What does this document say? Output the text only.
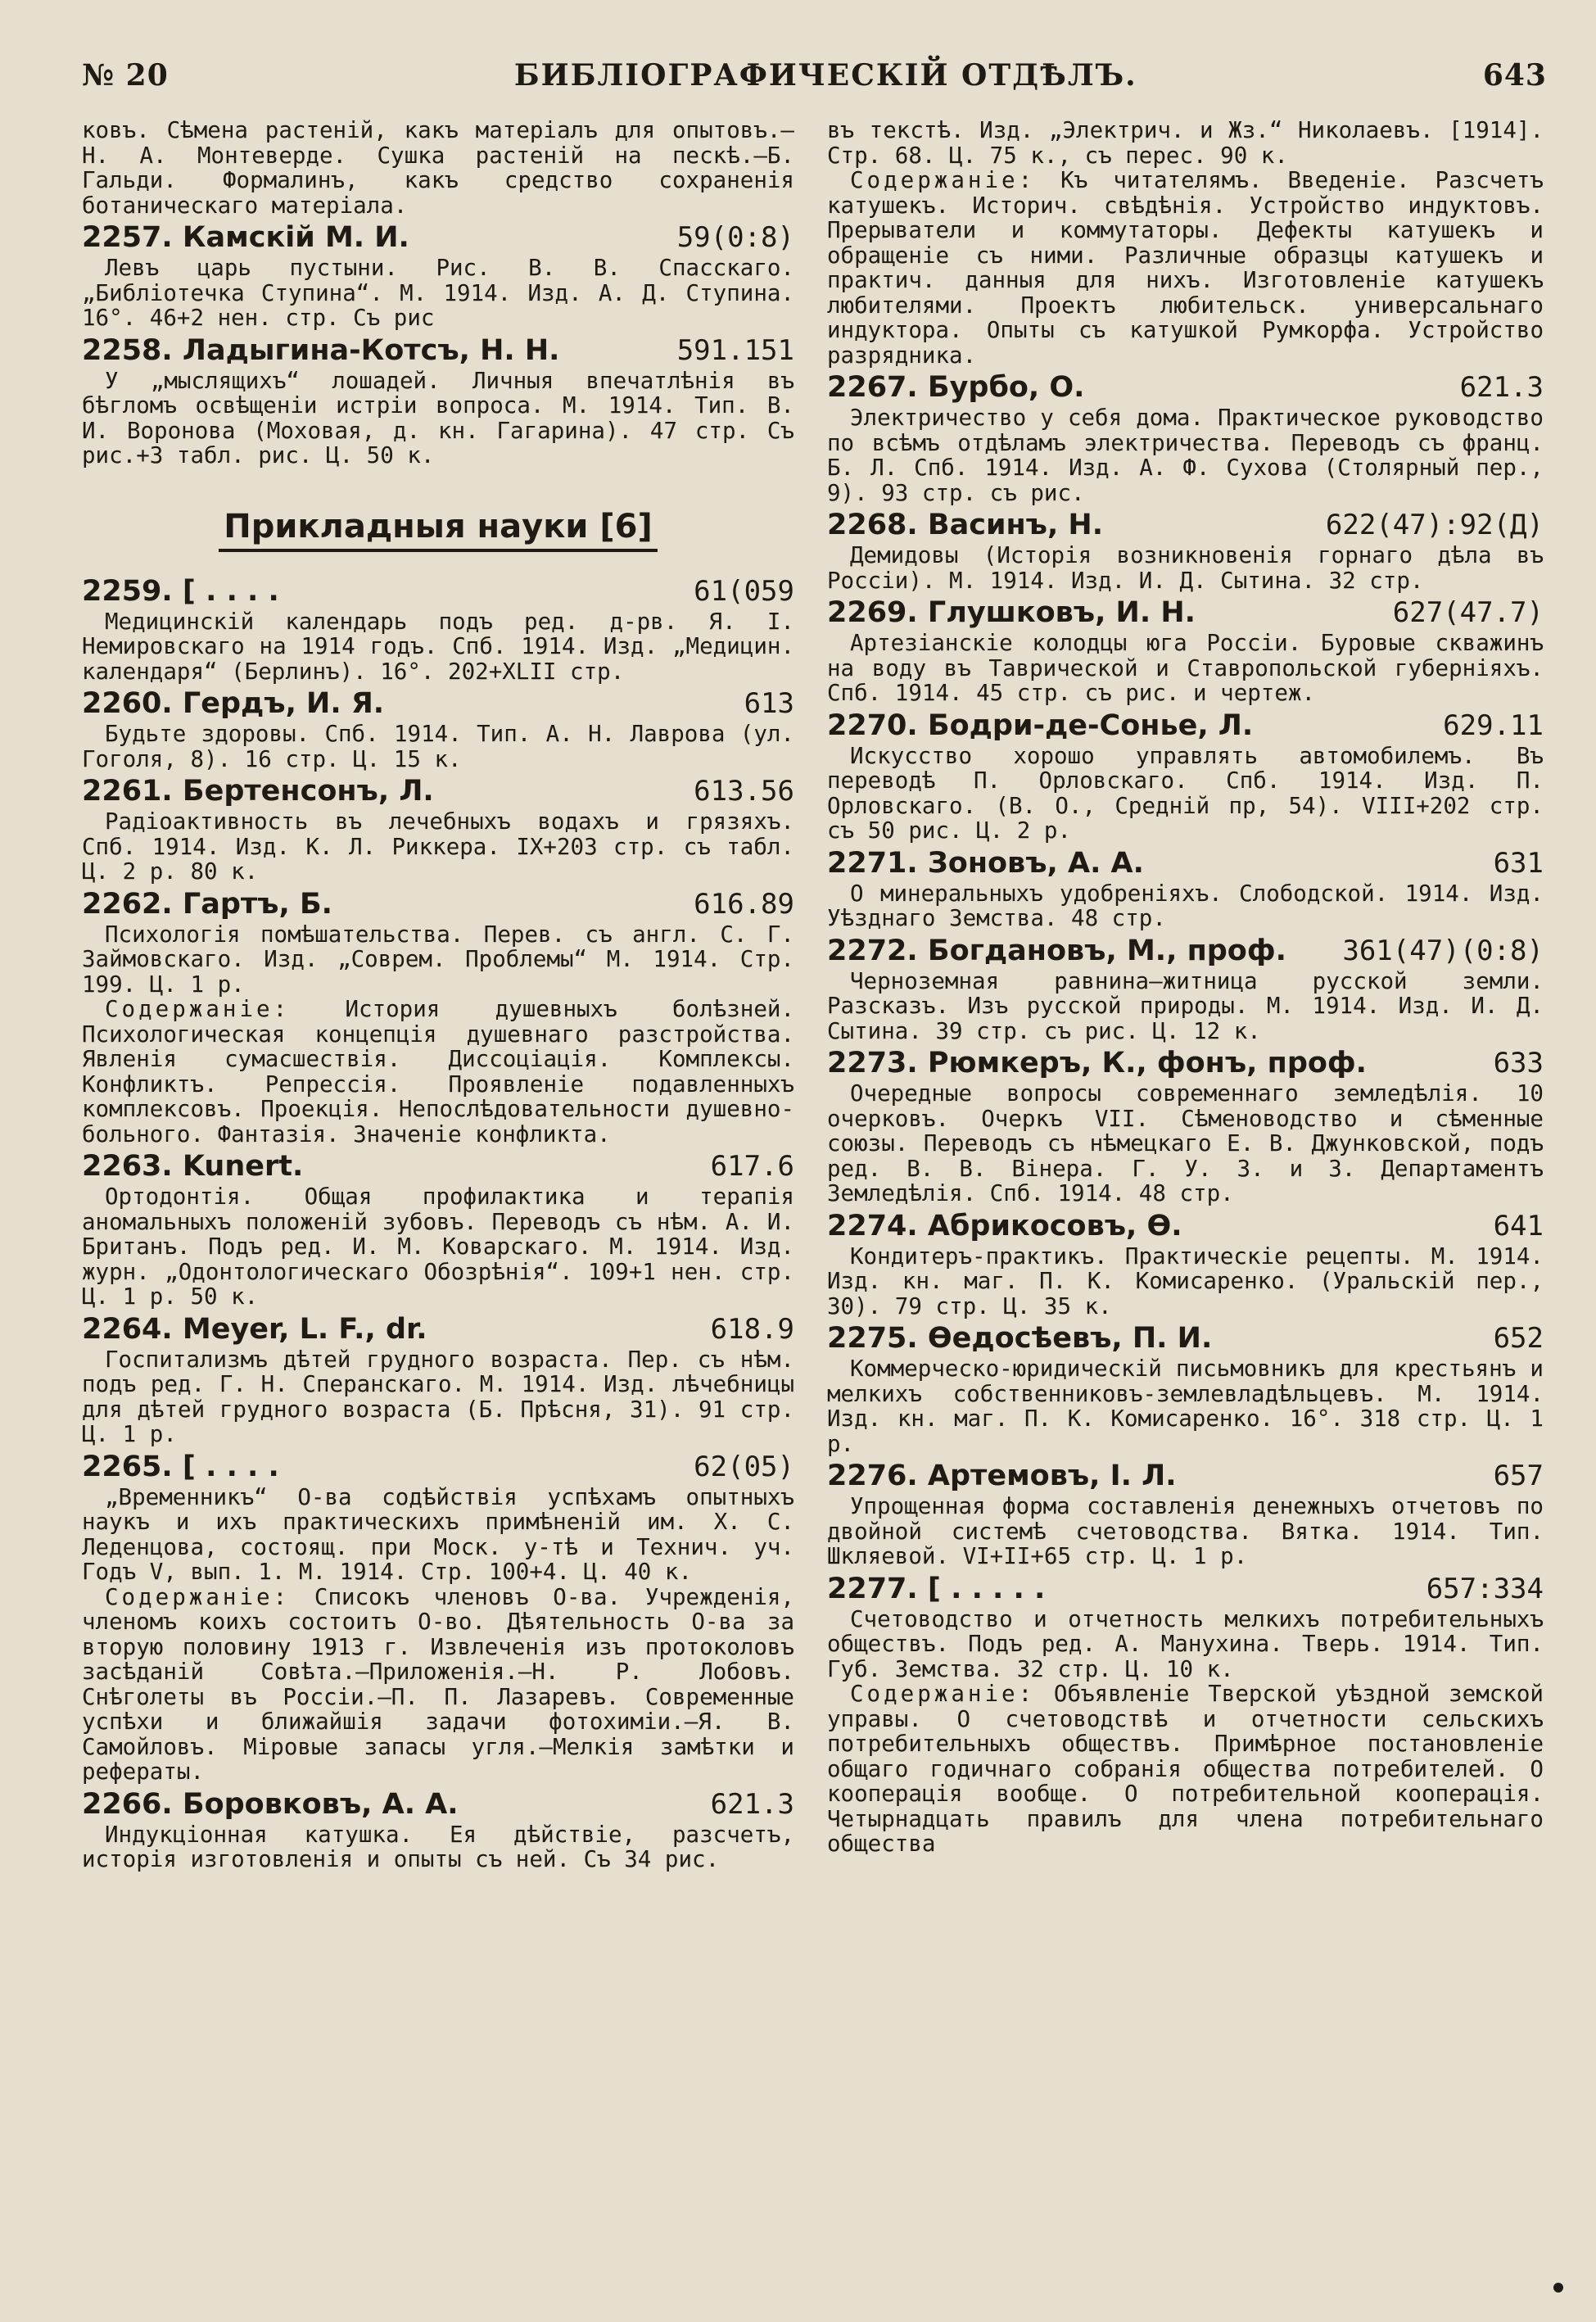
№ 20	БИБЛІОГРАФИЧЕСКІЙ ОТДѢЛЪ.	643

ковъ. Сѣмена растеній, какъ матеріалъ для опытовъ.—Н. А. Монтеверде. Сушка растеній на пескѣ.—Б. Гальди. Формалинъ, какъ средство сохраненія ботаническаго матеріала.

2257. Камскій М. И.	59(0:8)

Левъ царь пустыни. Рис. В. В. Спасскаго. „Библіотечка Ступина“. М. 1914. Изд. А. Д. Ступина. 16°. 46+2 нен. стр. Съ рис

2258. Ладыгина-Котсъ, Н. Н.	591.151

У „мыслящихъ“ лошадей. Личныя впечатлѣнія въ бѣгломъ освѣщеніи истріи вопроса. М. 1914. Тип. В. И. Воронова (Моховая, д. кн. Гагарина). 47 стр. Съ рис.+3 табл. рис. Ц. 50 к.

Прикладныя науки [6]
2259. [ . . . .	61(059

Медицинскій календарь подъ ред. д-рв. Я. І. Немировскаго на 1914 годъ. Спб. 1914. Изд. „Медицин. календаря“ (Берлинъ). 16°. 202+XLII стр.

2260. Гердъ, И. Я.	613

Будьте здоровы. Спб. 1914. Тип. А. Н. Лаврова (ул. Гоголя, 8). 16 стр. Ц. 15 к.

2261. Бертенсонъ, Л.	613.56

Радіоактивность въ лечебныхъ водахъ и грязяхъ. Спб. 1914. Изд. К. Л. Риккера. IX+203 стр. съ табл. Ц. 2 р. 80 к.

2262. Гартъ, Б.	616.89

Психологія помѣшательства. Перев. съ англ. С. Г. Займовскаго. Изд. „Соврем. Проблемы“ М. 1914. Стр. 199. Ц. 1 р.

Содержаніе: История душевныхъ болѣзней. Психологическая концепція душевнаго разстройства. Явленія сумасшествія. Диссоціація. Комплексы. Конфликтъ. Репрессія. Проявленіе подавленныхъ комплексовъ. Проекція. Непослѣдовательности душевно-больного. Фантазія. Значеніе конфликта.

2263. Kunert.	617.6

Ортодонтія. Общая профилактика и терапія аномальныхъ положеній зубовъ. Переводъ съ нѣм. А. И. Британъ. Подъ ред. И. М. Коварскаго. М. 1914. Изд. журн. „Одонтологическаго Обозрѣнія“. 109+1 нен. стр. Ц. 1 р. 50 к.

2264. Meyer, L. F., dr.	618.9

Госпитализмъ дѣтей грудного возраста. Пер. съ нѣм. подъ ред. Г. Н. Сперанскаго. М. 1914. Изд. лѣчебницы для дѣтей грудного возраста (Б. Прѣсня, 31). 91 стр. Ц. 1 р.

2265. [ . . . .	62(05)

„Временникъ“ О-ва содѣйствія успѣхамъ опытныхъ наукъ и ихъ практическихъ примѣненій им. Х. С. Леденцова, состоящ. при Моск. у-тѣ и Технич. уч. Годъ V, вып. 1. М. 1914. Стр. 100+4. Ц. 40 к.

Содержаніе: Списокъ членовъ О-ва. Учрежденія, членомъ коихъ состоитъ О-во. Дѣятельность О-ва за вторую половину 1913 г. Извлеченія изъ протоколовъ засѣданій Совѣта.—Приложенія.—Н. Р. Лобовъ. Снѣголеты въ Россіи.—П. П. Лазаревъ. Современные успѣхи и ближайшія задачи фотохиміи.—Я. В. Самойловъ. Міровые запасы угля.—Мелкія замѣтки и рефераты.

2266. Боровковъ, А. А.	621.3

Индукціонная катушка. Ея дѣйствіе, разсчетъ, исторія изготовленія и опыты съ ней. Съ 34 рис.

въ текстѣ. Изд. „Электрич. и Жз.“ Николаевъ. [1914]. Стр. 68. Ц. 75 к., съ перес. 90 к.

Содержаніе: Къ читателямъ. Введеніе. Разсчетъ катушекъ. Историч. свѣдѣнія. Устройство индуктовъ. Прерыватели и коммутаторы. Дефекты катушекъ и обращеніе съ ними. Различные образцы катушекъ и практич. данныя для нихъ. Изготовленіе катушекъ любителями. Проектъ любительск. универсальнаго индуктора. Опыты съ катушкой Румкорфа. Устройство разрядника.

2267. Бурбо, О.	621.3

Электричество у себя дома. Практическое руководство по всѣмъ отдѣламъ электричества. Переводъ съ франц. Б. Л. Спб. 1914. Изд. А. Ф. Сухова (Столярный пер., 9). 93 стр. съ рис.

2268. Васинъ, Н.	622(47):92(Д)

Демидовы (Исторія возникновенія горнаго дѣла въ Россіи). М. 1914. Изд. И. Д. Сытина. 32 стр.

2269. Глушковъ, И. Н.	627(47.7)

Артезіанскіе колодцы юга Россіи. Буровые скважинъ на воду въ Таврической и Ставропольской губерніяхъ. Спб. 1914. 45 стр. съ рис. и чертеж.

2270. Бодри-де-Сонье, Л.	629.11

Искусство хорошо управлять автомобилемъ. Въ переводѣ П. Орловскаго. Спб. 1914. Изд. П. Орловскаго. (В. О., Средній пр, 54). VIII+202 стр. съ 50 рис. Ц. 2 р.

2271. Зоновъ, А. А.	631

О минеральныхъ удобреніяхъ. Слободской. 1914. Изд. Уѣзднаго Земства. 48 стр.

2272. Богдановъ, М., проф. 361(47)(0:8)

Черноземная равнина—житница русской земли. Разсказъ. Изъ русской природы. М. 1914. Изд. И. Д. Сытина. 39 стр. съ рис. Ц. 12 к.

2273. Рюмкеръ, К., фонъ, проф.	633

Очередные вопросы современнаго земледѣлія. 10 очерковъ. Очеркъ VII. Сѣменоводство и сѣменные союзы. Переводъ съ нѣмецкаго Е. В. Джунковской, подъ ред. В. В. Вінера. Г. У. З. и З. Департаментъ Земледѣлія. Спб. 1914. 48 стр.

2274. Абрикосовъ, Ѳ.	641

Кондитеръ-практикъ. Практическіе рецепты. М. 1914. Изд. кн. маг. П. К. Комисаренко. (Уральскій пер., 30). 79 стр. Ц. 35 к.

2275. Ѳедосѣевъ, П. И.	652

Коммерческо-юридическій письмовникъ для крестьянъ и мелкихъ собственниковъ-землевладѣльцевъ. М. 1914. Изд. кн. маг. П. К. Комисаренко. 16°. 318 стр. Ц. 1 р.

2276. Артемовъ, І. Л.	657

Упрощенная форма составленія денежныхъ отчетовъ по двойной системѣ счетоводства. Вятка. 1914. Тип. Шкляевой. VI+II+65 стр. Ц. 1 р.

2277. [ . . . . .	657:334

Счетоводство и отчетность мелкихъ потребительныхъ обществъ. Подъ ред. А. Манухина. Тверь. 1914. Тип. Губ. Земства. 32 стр. Ц. 10 к.

Содержаніе: Объявленіе Тверской уѣздной земской управы. О счетоводствѣ и отчетности сельскихъ потребительныхъ обществъ. Примѣрное постановленіе общаго годичнаго собранія общества потребителей. О кооперація вообще. О потребительной кооперація. Четырнадцать правилъ для члена потребительнаго общества
